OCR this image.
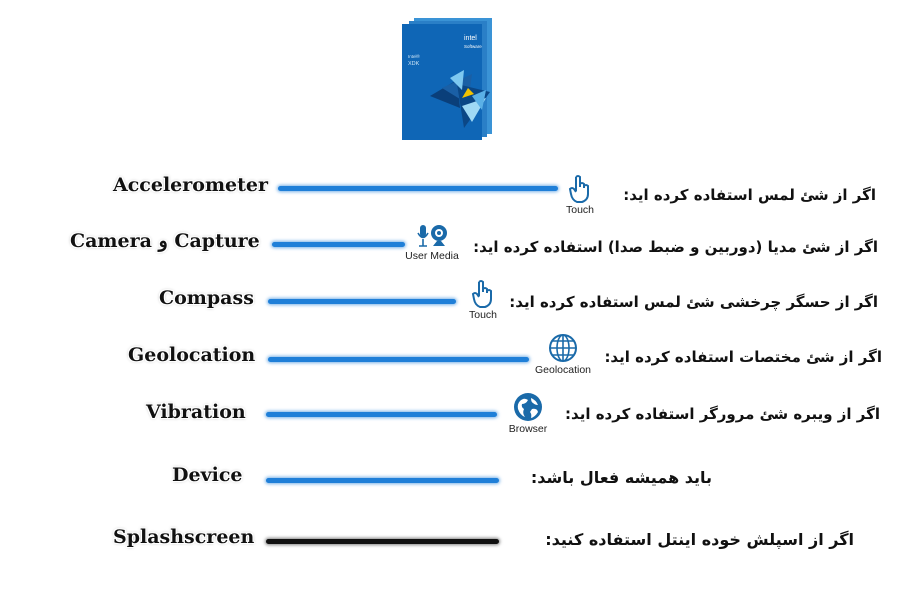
intel
Software
Intel®
XDK
Accelerometer
Touch
اگر از شئ لمس استفاده کرده اید:
Camera و Capture
User Media اگر از شئ مدیا (دوربین و ضبط صدا) استفاده کرده اید:
Compass
Touch
اگر از حسگر چرخشی شئ لمس استفاده کرده اید:
Geolocation
Geolocation
اگر از شئ مختصات استفاده کرده اید:
Vibration
Browser
اگر از ویبره شئ مرورگر استفاده کرده اید:
Device	باید همیشه فعال باشد:
Splashscreen	اگر از اسپلش خوده اینتل استفاده کنید:
